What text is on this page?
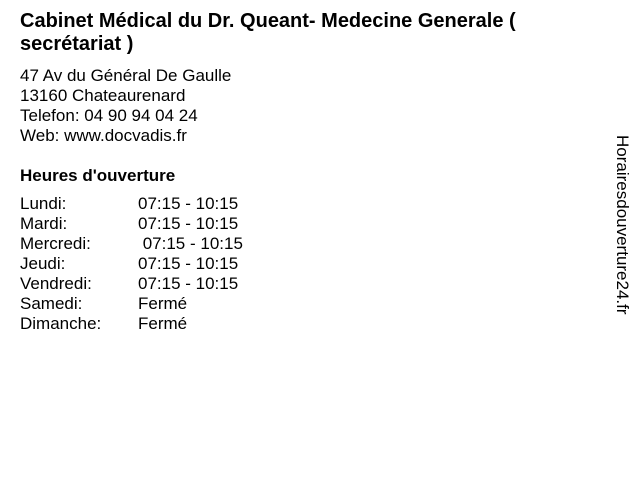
Cabinet Médical du Dr. Queant- Medecine Generale ( secrétariat )
47 Av du Général De Gaulle
13160 Chateaurenard
Telefon: 04 90 94 04 24
Web: www.docvadis.fr
Heures d'ouverture
Lundi:	07:15 - 10:15
Mardi:	07:15 - 10:15
Mercredi:	07:15 - 10:15
Jeudi:	07:15 - 10:15
Vendredi:	07:15 - 10:15
Samedi:	Fermé
Dimanche:	Fermé
Horairesdouverture24.fr
